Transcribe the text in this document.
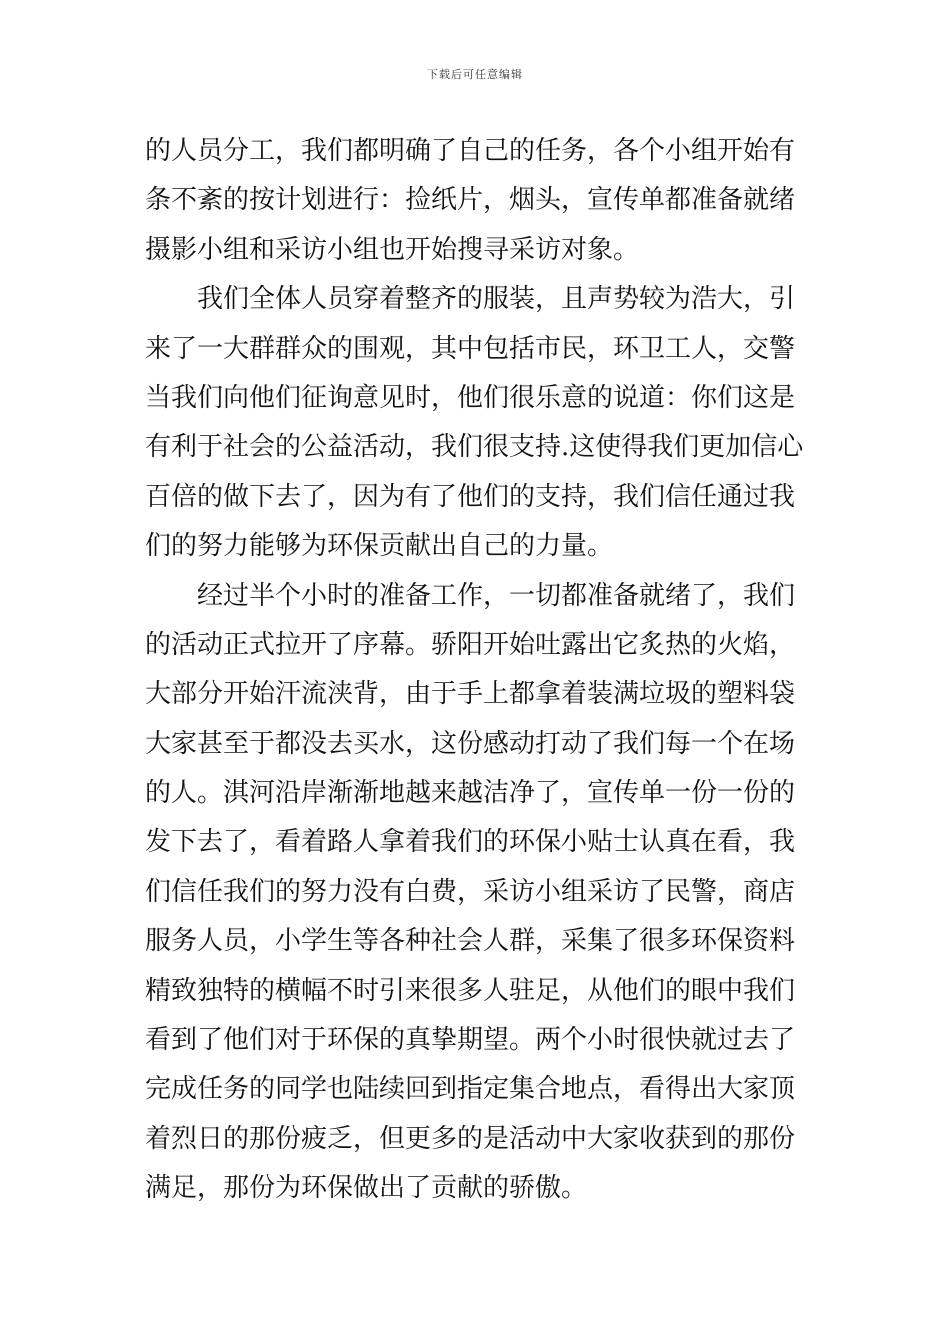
下载后可任意编辑
的人员分工，我们都明确了自己的任务，各个小组开始有
条不紊的按计划进行：捡纸片，烟头，宣传单都准备就绪
摄影小组和采访小组也开始搜寻采访对象。
我们全体人员穿着整齐的服装，且声势较为浩大，引
来了一大群群众的围观，其中包括市民，环卫工人，交警
当我们向他们征询意见时，他们很乐意的说道：你们这是
有利于社会的公益活动，我们很支持.这使得我们更加信心
百倍的做下去了，因为有了他们的支持，我们信任通过我
们的努力能够为环保贡献出自己的力量。
经过半个小时的准备工作，一切都准备就绪了，我们
的活动正式拉开了序幕。骄阳开始吐露出它炙热的火焰，
大部分开始汗流浃背，由于手上都拿着装满垃圾的塑料袋
大家甚至于都没去买水，这份感动打动了我们每一个在场
的人。淇河沿岸渐渐地越来越洁净了，宣传单一份一份的
发下去了，看着路人拿着我们的环保小贴士认真在看，我
们信任我们的努力没有白费，采访小组采访了民警，商店
服务人员，小学生等各种社会人群，采集了很多环保资料
精致独特的横幅不时引来很多人驻足，从他们的眼中我们
看到了他们对于环保的真挚期望。两个小时很快就过去了
完成任务的同学也陆续回到指定集合地点，看得出大家顶
着烈日的那份疲乏，但更多的是活动中大家收获到的那份
满足，那份为环保做出了贡献的骄傲。
